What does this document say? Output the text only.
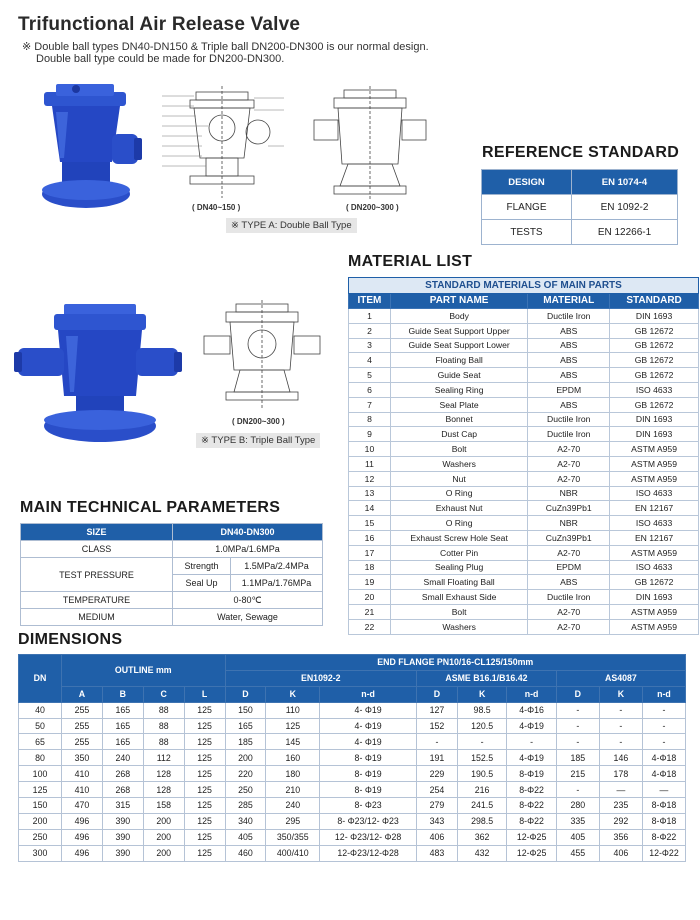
Trifunctional Air Release Valve
※ Double ball types DN40-DN150 & Triple ball DN200-DN300 is our normal design.
Double ball type could be made for DN200-DN300.
( DN40~150 )	( DN200~300 )
※ TYPE A: Double Ball Type
( DN200~300 )
※ TYPE B: Triple Ball Type
REFERENCE STANDARD
DESIGN	EN 1074-4
FLANGE	EN 1092-2
TESTS	EN 12266-1
MATERIAL LIST
STANDARD MATERIALS OF MAIN PARTS			
ITEM	PART NAME	MATERIAL	STANDARD
1	Body	Ductile Iron	DIN 1693
2	Guide Seat Support Upper	ABS	GB 12672
3	Guide Seat Support Lower	ABS	GB 12672
4	Floating Ball	ABS	GB 12672
5	Guide Seat	ABS	GB 12672
6	Sealing Ring	EPDM	ISO 4633
7	Seal Plate	ABS	GB 12672
8	Bonnet	Ductile Iron	DIN 1693
9	Dust Cap	Ductile Iron	DIN 1693
10	Bolt	A2-70	ASTM A959
11	Washers	A2-70	ASTM A959
12	Nut	A2-70	ASTM A959
13	O Ring	NBR	ISO 4633
14	Exhaust Nut	CuZn39Pb1	EN 12167
15	O Ring	NBR	ISO 4633
16	Exhaust Screw Hole Seat	CuZn39Pb1	EN 12167
17	Cotter Pin	A2-70	ASTM A959
18	Sealing Plug	EPDM	ISO 4633
19	Small Floating Ball	ABS	GB 12672
20	Small Exhaust Side	Ductile Iron	DIN 1693
21	Bolt	A2-70	ASTM A959
22	Washers	A2-70	ASTM A959
MAIN TECHNICAL PARAMETERS
SIZE	DN40-DN300	
CLASS	1.0MPa/1.6MPa	
TEST PRESSURE	Strength	1.5MPa/2.4MPa
	Seal Up	1.1MPa/1.76MPa
TEMPERATURE	0-80℃	
MEDIUM	Water, Sewage	
DIMENSIONS
DN	OUTLINE mm				END FLANGE PN10/16-CL125/150mm								
					EN1092-2			ASME B16.1/B16.42			AS4087		
	A	B	C	L	D	K	n-d	D	K	n-d	D	K	n-d
40	255	165	88	125	150	110	4- Φ19	127	98.5	4-Φ16	-	-	-
50	255	165	88	125	165	125	4- Φ19	152	120.5	4-Φ19	-	-	-
65	255	165	88	125	185	145	4- Φ19	-	-	-	-	-	-
80	350	240	112	125	200	160	8- Φ19	191	152.5	4-Φ19	185	146	4-Φ18
100	410	268	128	125	220	180	8- Φ19	229	190.5	8-Φ19	215	178	4-Φ18
125	410	268	128	125	250	210	8- Φ19	254	216	8-Φ22	-	—	—
150	470	315	158	125	285	240	8- Φ23	279	241.5	8-Φ22	280	235	8-Φ18
200	496	390	200	125	340	295	8- Φ23/12- Φ23	343	298.5	8-Φ22	335	292	8-Φ18
250	496	390	200	125	405	350/355	12- Φ23/12- Φ28	406	362	12-Φ25	405	356	8-Φ22
300	496	390	200	125	460	400/410	12-Φ23/12-Φ28	483	432	12-Φ25	455	406	12-Φ22
